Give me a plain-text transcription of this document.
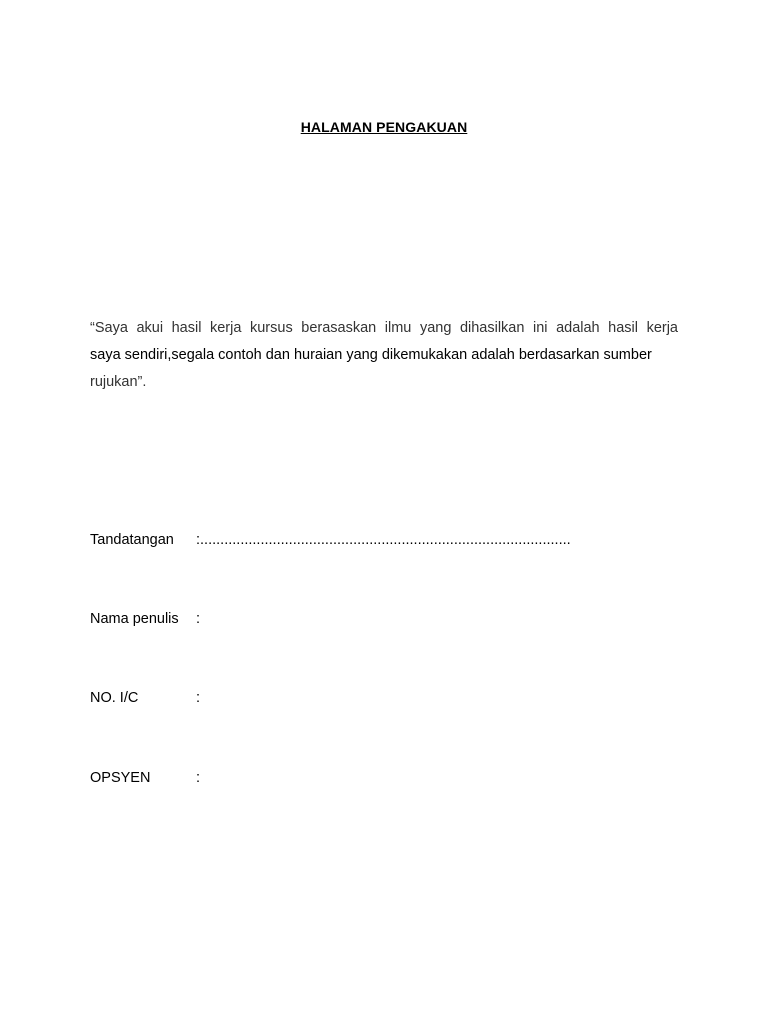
HALAMAN PENGAKUAN
“Saya akui hasil kerja kursus berasaskan ilmu yang dihasilkan ini adalah hasil kerja
saya sendiri,segala contoh dan huraian yang dikemukakan adalah berdasarkan sumber
rujukan”.
Tandatangan :............................................................................................
Nama penulis :
NO. I/C	:
OPSYEN	:
